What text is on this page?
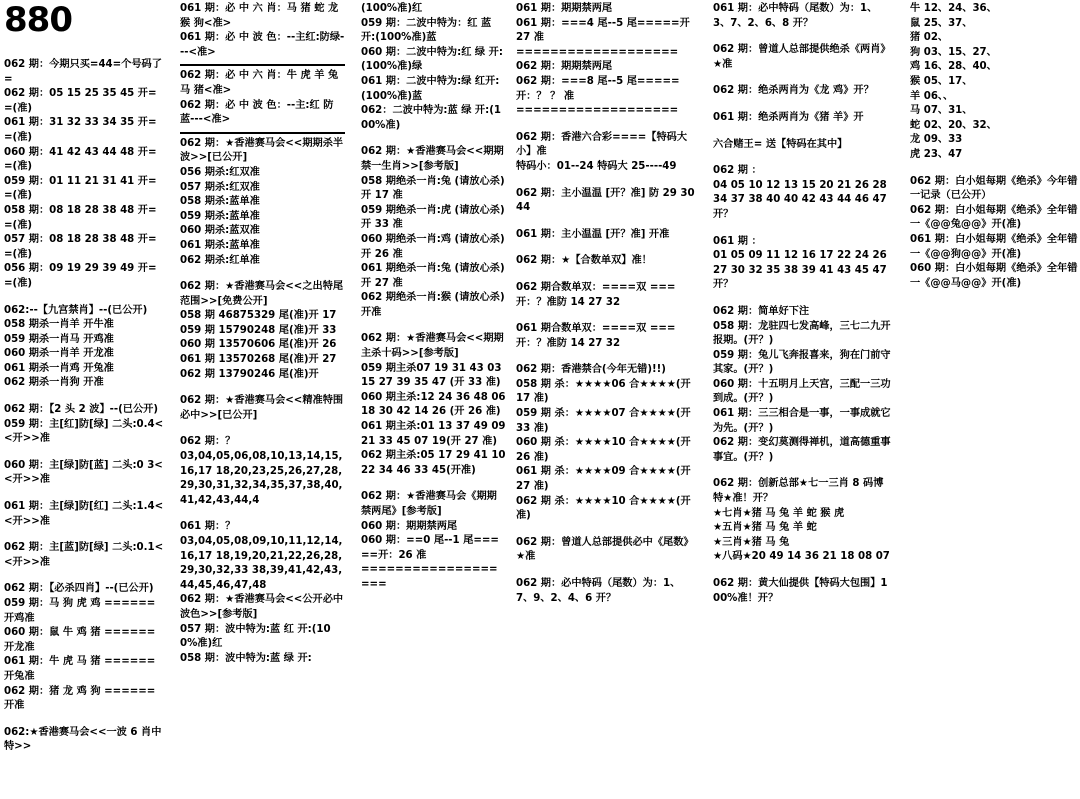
880
062 期：今期只买=44=个号码了=
062 期：05 15 25 35 45 开==(准)
061 期：31 32 33 34 35 开==(准)
060 期：41 42 43 44 48 开==(准)
059 期：01 11 21 31 41 开==(准)
058 期：08 18 28 38 48 开==(准)
057 期：08 18 28 38 48 开==(准)
056 期：09 19 29 39 49 开==(准)
062:--【九宫禁肖】--(已公开)
058 期杀一肖羊 开牛准
059 期杀一肖马 开鸡准
060 期杀一肖羊 开龙准
061 期杀一肖鸡 开兔准
062 期杀一肖狗 开准
062 期：【2 头 2 波】--(已公开)
059 期：主[红]防[绿] 二头:0.4<<开>>准
060 期：主[绿]防[蓝] 二头:0 3<<开>>准
061 期：主[绿]防[红] 二头:1.4<<开>>准
062 期：主[蓝]防[绿] 二头:0.1<<开>>准
062 期：【必杀四肖】--(已公开)
059 期：马 狗 虎 鸡 ======开鸡准
060 期：鼠 牛 鸡 猪 ======开龙准
061 期：牛 虎 马 猪 ======开兔准
062 期：猪 龙 鸡 狗 ======开准
062:★香港赛马会<<一波 6 肖中特>>
061 期：必 中 六 肖：马 猪 蛇 龙 猴 狗<准>
061 期：必 中 波 色：--主红:防绿---<准>
062 期：必 中 六 肖：牛 虎 羊 兔 马 猪<准>
062 期：必 中 波 色：--主:红 防蓝---<准>
062 期：★香港赛马会<<期期杀半波>>[已公开]
056 期杀:红双准
057 期杀:红双准
058 期杀:蓝单准
059 期杀:蓝单准
060 期杀:蓝双准
061 期杀:蓝单准
062 期杀:红单准
062 期：★香港赛马会<<之出特尾范围>>[免费公开]
058 期 46875329 尾(准)开 17
059 期 15790248 尾(准)开 33
060 期 13570606 尾(准)开 26
061 期 13570268 尾(准)开 27
062 期 13790246 尾(准)开
062 期：★香港赛马会<<精准特围必中>>[已公开]
062 期：？
03,04,05,06,08,10,13,14,15,16,17 18,20,23,25,26,27,28,29,30,31,32,34,35,37,38,40,41,42,43,44,4
061 期：？
03,04,05,08,09,10,11,12,14,16,17 18,19,20,21,22,26,28,29,30,32,33 38,39,41,42,43,44,45,46,47,48
062 期：★香港赛马会<<公开必中波色>>[参考版]
057 期：波中特为:蓝 红 开:(100%准)红
058 期：波中特为:蓝 绿 开:
(100%准)红
059 期：二波中特为：红 蓝 开:(100%准)蓝
060 期：二波中特为:红 绿 开:(100%准)绿
061 期：二波中特为:绿 红开:(100%准)蓝
062：二波中特为:蓝 绿 开:(100%准)
062 期：★香港赛马会<<期期禁一生肖>>[参考版]
058 期绝杀一肖:兔 (请放心杀)开 17 准
059 期绝杀一肖:虎 (请放心杀)开 33 准
060 期绝杀一肖:鸡 (请放心杀)开 26 准
061 期绝杀一肖:兔 (请放心杀)开 27 准
062 期绝杀一肖:猴 (请放心杀)开准
062 期：★香港赛马会<<期期主杀十码>>[参考版]
059 期主杀07 19 31 43 03 15 27 39 35 47 (开 33 准)
060 期主杀:12 24 36 48 06 18 30 42 14 26 (开 26 准)
061 期主杀:01 13 37 49 09 21 33 45 07 19(开 27 准)
062 期主杀:05 17 29 41 10 22 34 46 33 45(开准)
062 期：★香港赛马会《期期禁两尾》[参考版]
060 期：期期禁两尾
060 期：==0 尾--1 尾=====开：26 准
===================
061 期：期期禁两尾
061 期：===4 尾--5 尾=====开 27 准
===================
062 期：期期禁两尾
062 期：===8 尾--5 尾=====开：？ ？ 准
===================
062 期：香港六合彩====【特码大小】准
特码小：01--24 特码大 25----49
062 期：主小温温 [开？准] 防 29 30 44
061 期：主小温温 [开？准] 开准
062 期：★【合数单双】准！
062 期合数单双：====双 ===开：？准防 14 27 32
061 期合数单双：====双 ===开：？准防 14 27 32
062 期：香港禁合(今年无错)!!)
058 期 杀：★★★★06 合★★★★(开 17 准)
059 期 杀：★★★★07 合★★★★(开 33 准)
060 期 杀：★★★★10 合★★★★(开 26 准)
061 期 杀：★★★★09 合★★★★(开 27 准)
062 期 杀：★★★★10 合★★★★(开准)
062 期：曾道人总部提供必中《尾数》★准
062 期：必中特码（尾数）为：1、7、9、2、4、6 开？
061 期：必中特码（尾数）为：1、3、7、2、6、8 开？
062 期：曾道人总部提供绝杀《两肖》★准
062 期：绝杀两肖为《龙 鸡》开？
061 期：绝杀两肖为《猪 羊》开
六合赌王= 送【特码在其中】
062 期 ：
04 05 10 12 13 15 20 21 26 28 34 37 38 40 40 42 43 44 46 47 开？
061 期 ：
01 05 09 11 12 16 17 22 24 26 27 30 32 35 38 39 41 43 45 47 开？
062 期：简单好下注
058 期：龙驻四七发高峰，三七二九开报期。(开？)
059 期：兔儿飞奔报喜来，狗在门前守其家。(开？)
060 期：十五明月上天宫，三配一三功到成。(开？)
061 期：三三相合是一事，一事成就它为先。(开？)
062 期：变幻莫测得禅机，道高德重事事宜。(开？)
062 期：创新总部★七一三肖 8 码博特★准！开？
★七肖★猪 马 兔 羊 蛇 猴 虎
★五肖★猪 马 兔 羊 蛇
★三肖★猪 马 兔
★八码★20 49 14 36 21 18 08 07
062 期：黄大仙提供【特码大包围】100%准！开？
牛 12、24、36、
鼠 25、37、
猪 02、
狗 03、15、27、
鸡 16、28、40、
猴 05、17、
羊 06、、
马 07、31、
蛇 02、20、32、
龙 09、33
虎 23、47
062 期：白小姐每期《绝杀》今年错一记录（已公开）
062 期：白小姐每期《绝杀》全年错一《@@兔@@》开(准)
061 期：白小姐每期《绝杀》全年错一《@@狗@@》开(准)
060 期：白小姐每期《绝杀》全年错一《@@马@@》开(准)
